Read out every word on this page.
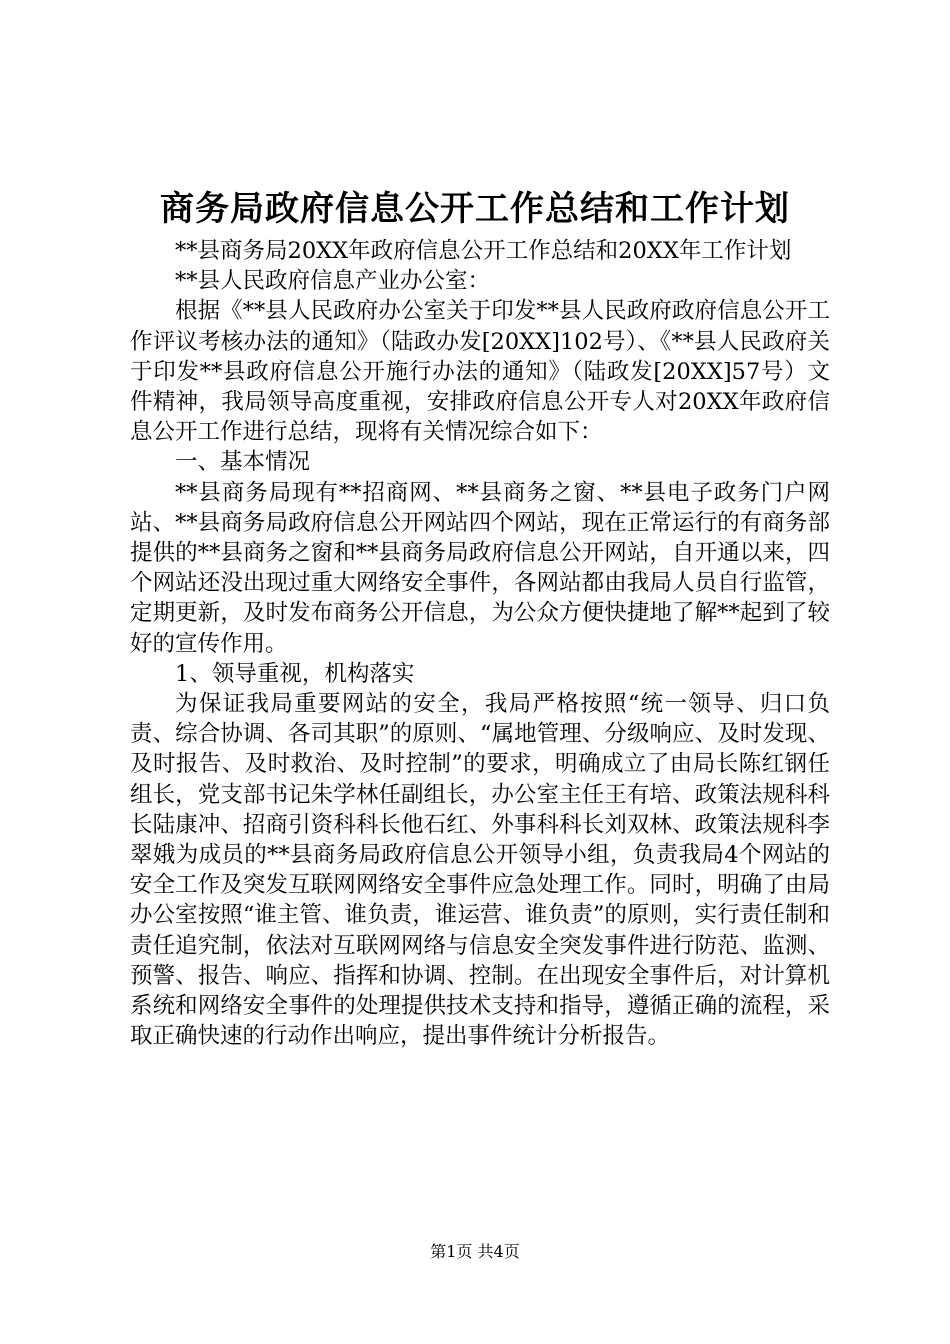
商务局政府信息公开工作总结和工作计划

**县商务局20XX年政府信息公开工作总结和20XX年工作计划

**县人民政府信息产业办公室：

根据《**县人民政府办公室关于印发**县人民政府政府信息公开工作评议考核办法的通知》（陆政办发[20XX]102号）、《**县人民政府关于印发**县政府信息公开施行办法的通知》（陆政发[20XX]57号）文件精神，我局领导高度重视，安排政府信息公开专人对20XX年政府信息公开工作进行总结，现将有关情况综合如下：

一、基本情况

**县商务局现有**招商网、**县商务之窗、**县电子政务门户网站、**县商务局政府信息公开网站四个网站，现在正常运行的有商务部提供的**县商务之窗和**县商务局政府信息公开网站，自开通以来，四个网站还没出现过重大网络安全事件，各网站都由我局人员自行监管，定期更新，及时发布商务公开信息，为公众方便快捷地了解**起到了较好的宣传作用。

1、领导重视，机构落实

为保证我局重要网站的安全，我局严格按照“统一领导、归口负责、综合协调、各司其职”的原则、“属地管理、分级响应、及时发现、及时报告、及时救治、及时控制”的要求，明确成立了由局长陈红钢任组长，党支部书记朱学林任副组长，办公室主任王有培、政策法规科科长陆康冲、招商引资科科长他石红、外事科科长刘双林、政策法规科李翠娥为成员的**县商务局政府信息公开领导小组，负责我局4个网站的安全工作及突发互联网网络安全事件应急处理工作。同时，明确了由局办公室按照“谁主管、谁负责，谁运营、谁负责”的原则，实行责任制和责任追究制，依法对互联网网络与信息安全突发事件进行防范、监测、预警、报告、响应、指挥和协调、控制。在出现安全事件后，对计算机系统和网络安全事件的处理提供技术支持和指导，遵循正确的流程，采取正确快速的行动作出响应，提出事件统计分析报告。

第1页 共4页
